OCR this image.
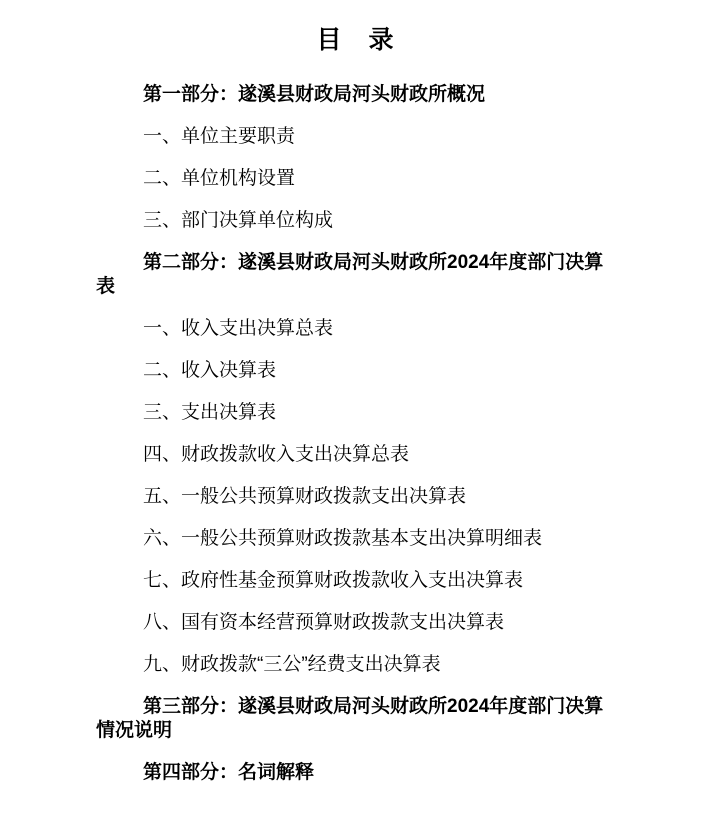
目　录

第一部分：遂溪县财政局河头财政所概况

一、单位主要职责

二、单位机构设置

三、部门决算单位构成

第二部分：遂溪县财政局河头财政所2024年度部门决算表

一、收入支出决算总表

二、收入决算表

三、支出决算表

四、财政拨款收入支出决算总表

五、一般公共预算财政拨款支出决算表

六、一般公共预算财政拨款基本支出决算明细表

七、政府性基金预算财政拨款收入支出决算表

八、国有资本经营预算财政拨款支出决算表

九、财政拨款“三公”经费支出决算表

第三部分：遂溪县财政局河头财政所2024年度部门决算情况说明

第四部分：名词解释
